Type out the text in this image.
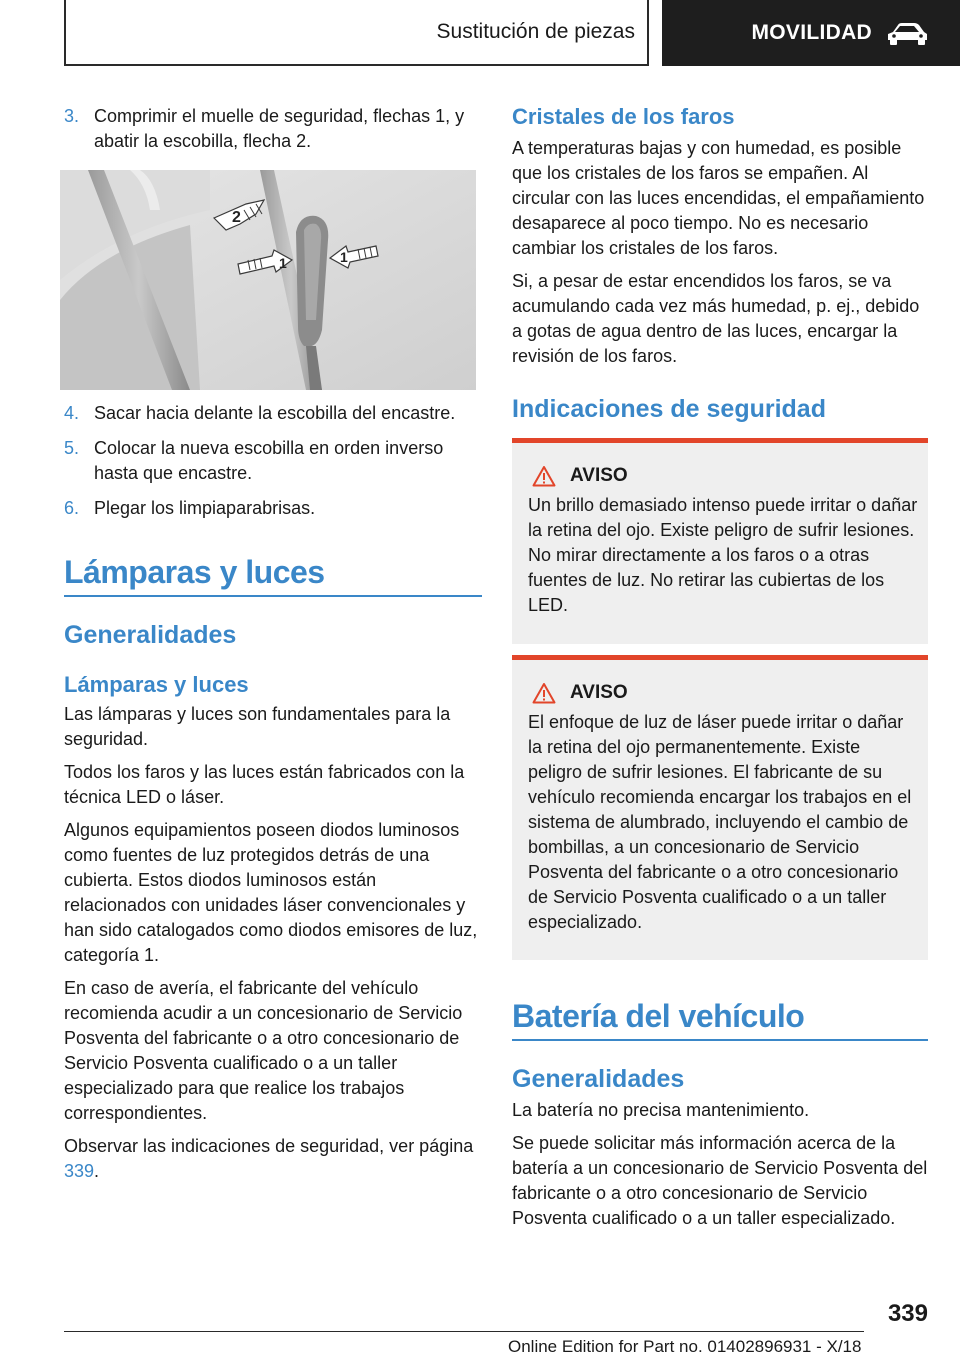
Sustitución de piezas	MOVILIDAD
3. Comprimir el muelle de seguridad, flechas 1, y abatir la escobilla, flecha 2.
2
1	1
4. Sacar hacia delante la escobilla del encastre.
5. Colocar la nueva escobilla en orden inverso hasta que encastre.
6. Plegar los limpiaparabrisas.
Lámparas y luces
Generalidades
Lámparas y luces

Las lámparas y luces son fundamentales para la seguridad.

Todos los faros y las luces están fabricados con la técnica LED o láser.

Algunos equipamientos poseen diodos luminosos como fuentes de luz protegidos detrás de una cubierta. Estos diodos luminosos están relacionados con unidades láser convencionales y han sido catalogados como diodos emisores de luz, categoría 1.

En caso de avería, el fabricante del vehículo recomienda acudir a un concesionario de Servicio Posventa del fabricante o a otro concesionario de Servicio Posventa cualificado o a un taller especializado para que realice los trabajos correspondientes.

Observar las indicaciones de seguridad, ver página 339.

Cristales de los faros

A temperaturas bajas y con humedad, es posible que los cristales de los faros se empañen. Al circular con las luces encendidas, el empañamiento desaparece al poco tiempo. No es necesario cambiar los cristales de los faros.

Si, a pesar de estar encendidos los faros, se va acumulando cada vez más humedad, p. ej., debido a gotas de agua dentro de las luces, encargar la revisión de los faros.

Indicaciones de seguridad
AVISO

Un brillo demasiado intenso puede irritar o dañar la retina del ojo. Existe peligro de sufrir lesiones. No mirar directamente a los faros o a otras fuentes de luz. No retirar las cubiertas de los LED.

AVISO

El enfoque de luz de láser puede irritar o dañar la retina del ojo permanentemente. Existe peligro de sufrir lesiones. El fabricante de su vehículo recomienda encargar los trabajos en el sistema de alumbrado, incluyendo el cambio de bombillas, a un concesionario de Servicio Posventa del fabricante o a otro concesionario de Servicio Posventa cualificado o a un taller especializado.

Batería del vehículo
Generalidades

La batería no precisa mantenimiento.

Se puede solicitar más información acerca de la batería a un concesionario de Servicio Posventa del fabricante o a otro concesionario de Servicio Posventa cualificado o a un taller especializado.

339
Online Edition for Part no. 01402896931 - X/18
